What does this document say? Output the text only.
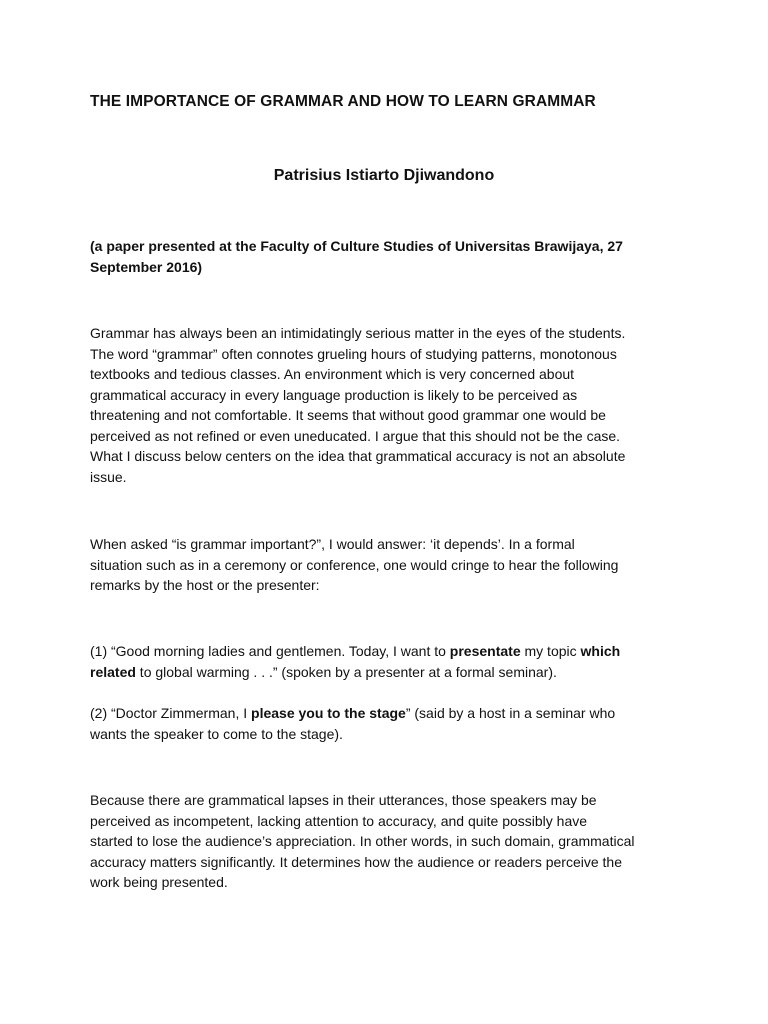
THE IMPORTANCE OF GRAMMAR AND HOW TO LEARN GRAMMAR
Patrisius Istiarto Djiwandono
(a paper presented at the Faculty of Culture Studies of Universitas Brawijaya, 27
September 2016)
Grammar has always been an intimidatingly serious matter in the eyes of the students.
The word “grammar” often connotes grueling hours of studying patterns, monotonous
textbooks and tedious classes. An environment which is very concerned about
grammatical accuracy in every language production is likely to be perceived as
threatening and not comfortable. It seems that without good grammar one would be
perceived as not refined or even uneducated. I argue that this should not be the case.
What I discuss below centers on the idea that grammatical accuracy is not an absolute
issue.
When asked “is grammar important?”, I would answer: ‘it depends’. In a formal
situation such as in a ceremony or conference, one would cringe to hear the following
remarks by the host or the presenter:
(1) “Good morning ladies and gentlemen. Today, I want to presentate my topic which
related to global warming . . .” (spoken by a presenter at a formal seminar).
(2) “Doctor Zimmerman, I please you to the stage” (said by a host in a seminar who
wants the speaker to come to the stage).
Because there are grammatical lapses in their utterances, those speakers may be
perceived as incompetent, lacking attention to accuracy, and quite possibly have
started to lose the audience’s appreciation. In other words, in such domain, grammatical
accuracy matters significantly. It determines how the audience or readers perceive the
work being presented.
